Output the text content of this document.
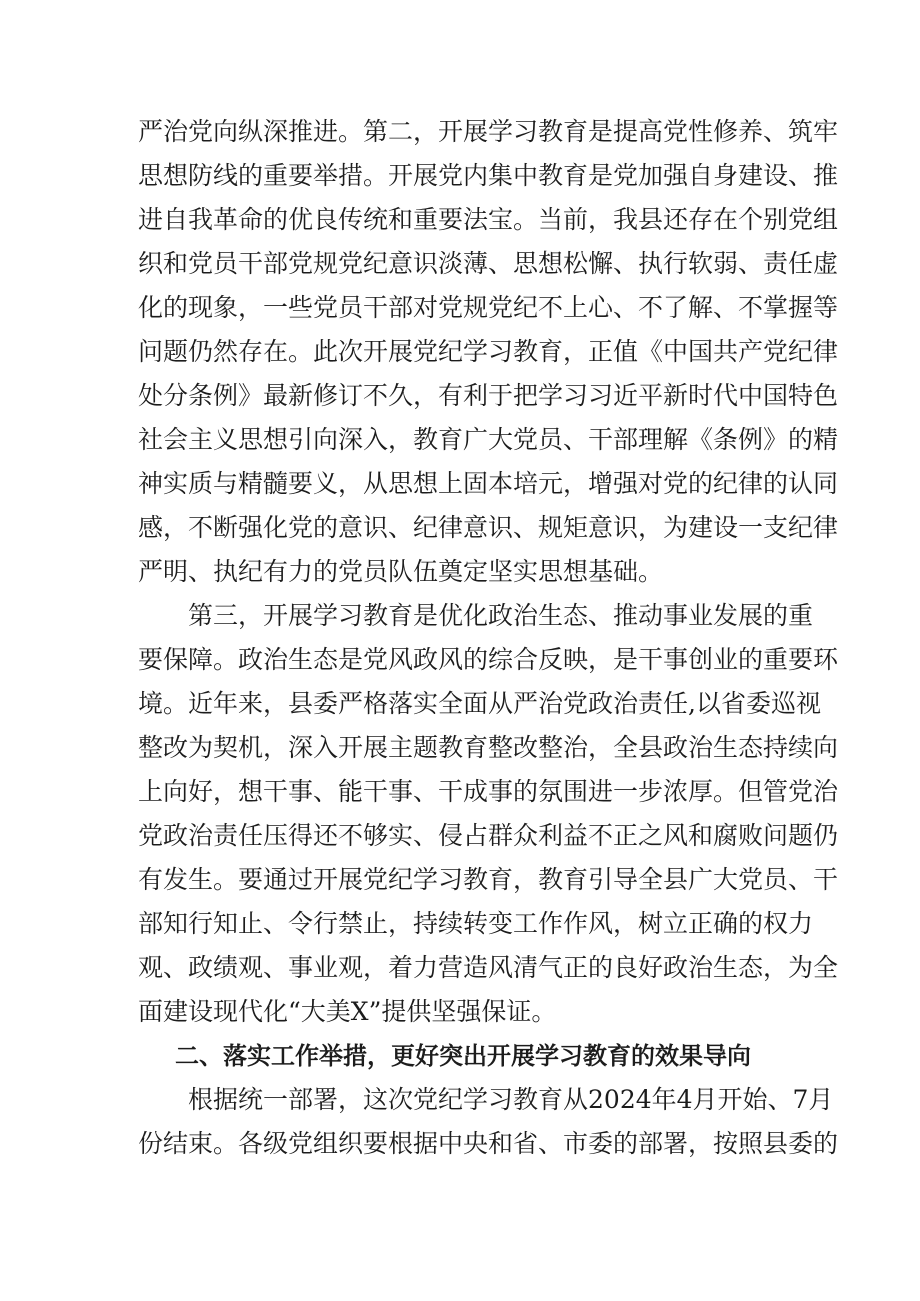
严治党向纵深推进。第二，开展学习教育是提高党性修养、筑牢
思想防线的重要举措。开展党内集中教育是党加强自身建设、推
进自我革命的优良传统和重要法宝。当前，我县还存在个别党组
织和党员干部党规党纪意识淡薄、思想松懈、执行软弱、责任虚
化的现象，一些党员干部对党规党纪不上心、不了解、不掌握等
问题仍然存在。此次开展党纪学习教育，正值《中国共产党纪律
处分条例》最新修订不久，有利于把学习习近平新时代中国特色
社会主义思想引向深入，教育广大党员、干部理解《条例》的精
神实质与精髓要义，从思想上固本培元，增强对党的纪律的认同
感，不断强化党的意识、纪律意识、规矩意识，为建设一支纪律
严明、执纪有力的党员队伍奠定坚实思想基础。
第三，开展学习教育是优化政治生态、推动事业发展的重
要保障。政治生态是党风政风的综合反映，是干事创业的重要环
境。近年来，县委严格落实全面从严治党政治责任,以省委巡视
整改为契机，深入开展主题教育整改整治，全县政治生态持续向
上向好，想干事、能干事、干成事的氛围进一步浓厚。但管党治
党政治责任压得还不够实、侵占群众利益不正之风和腐败问题仍
有发生。要通过开展党纪学习教育，教育引导全县广大党员、干
部知行知止、令行禁止，持续转变工作作风，树立正确的权力
观、政绩观、事业观，着力营造风清气正的良好政治生态，为全
面建设现代化“大美X”提供坚强保证。
二、落实工作举措，更好突出开展学习教育的效果导向
根据统一部署，这次党纪学习教育从2024年4月开始、7月
份结束。各级党组织要根据中央和省、市委的部署，按照县委的
